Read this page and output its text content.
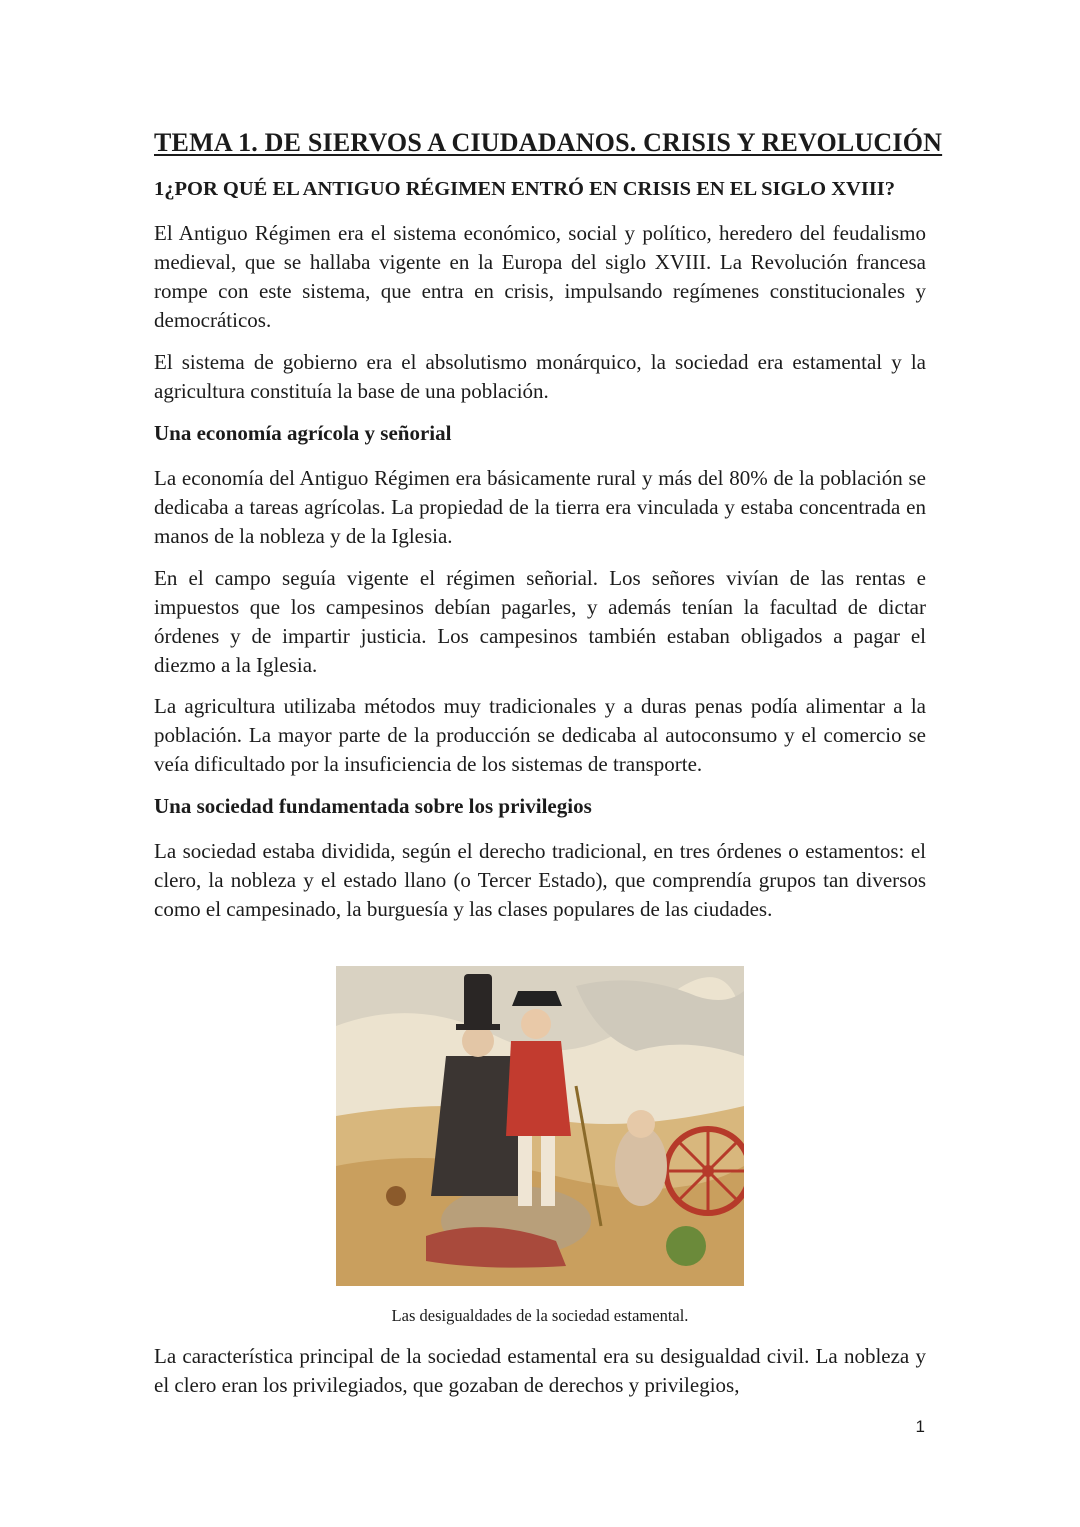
TEMA 1. DE SIERVOS A CIUDADANOS. CRISIS Y REVOLUCIÓN
1¿POR QUÉ EL ANTIGUO RÉGIMEN ENTRÓ EN CRISIS EN EL SIGLO XVIII?

El Antiguo Régimen era el sistema económico, social y político, heredero del feudalismo medieval, que se hallaba vigente en la Europa del siglo XVIII. La Revolución francesa rompe con este sistema, que entra en crisis, impulsando regímenes constitucionales y democráticos.

El sistema de gobierno era el absolutismo monárquico, la sociedad era estamental y la agricultura constituía la base de una población.

Una economía agrícola y señorial

La economía del Antiguo Régimen era básicamente rural y más del 80% de la población se dedicaba a tareas agrícolas. La propiedad de la tierra era vinculada y estaba concentrada en manos de la nobleza y de la Iglesia.

En el campo seguía vigente el régimen señorial. Los señores vivían de las rentas e impuestos que los campesinos debían pagarles, y además tenían la facultad de dictar órdenes y de impartir justicia. Los campesinos también estaban obligados a pagar el diezmo a la Iglesia.

La agricultura utilizaba métodos muy tradicionales y a duras penas podía alimentar a la población. La mayor parte de la producción se dedicaba al autoconsumo y el comercio se veía dificultado por la insuficiencia de los sistemas de transporte.

Una sociedad fundamentada sobre los privilegios

La sociedad estaba dividida, según el derecho tradicional, en tres órdenes o estamentos: el clero, la nobleza y el estado llano (o Tercer Estado), que comprendía grupos tan diversos como el campesinado, la burguesía y las clases populares de las ciudades.

La característica principal de la sociedad estamental era su desigualdad civil. La nobleza y el clero eran los privilegiados, que gozaban de derechos y privilegios,

Las desigualdades de la sociedad estamental.
1
